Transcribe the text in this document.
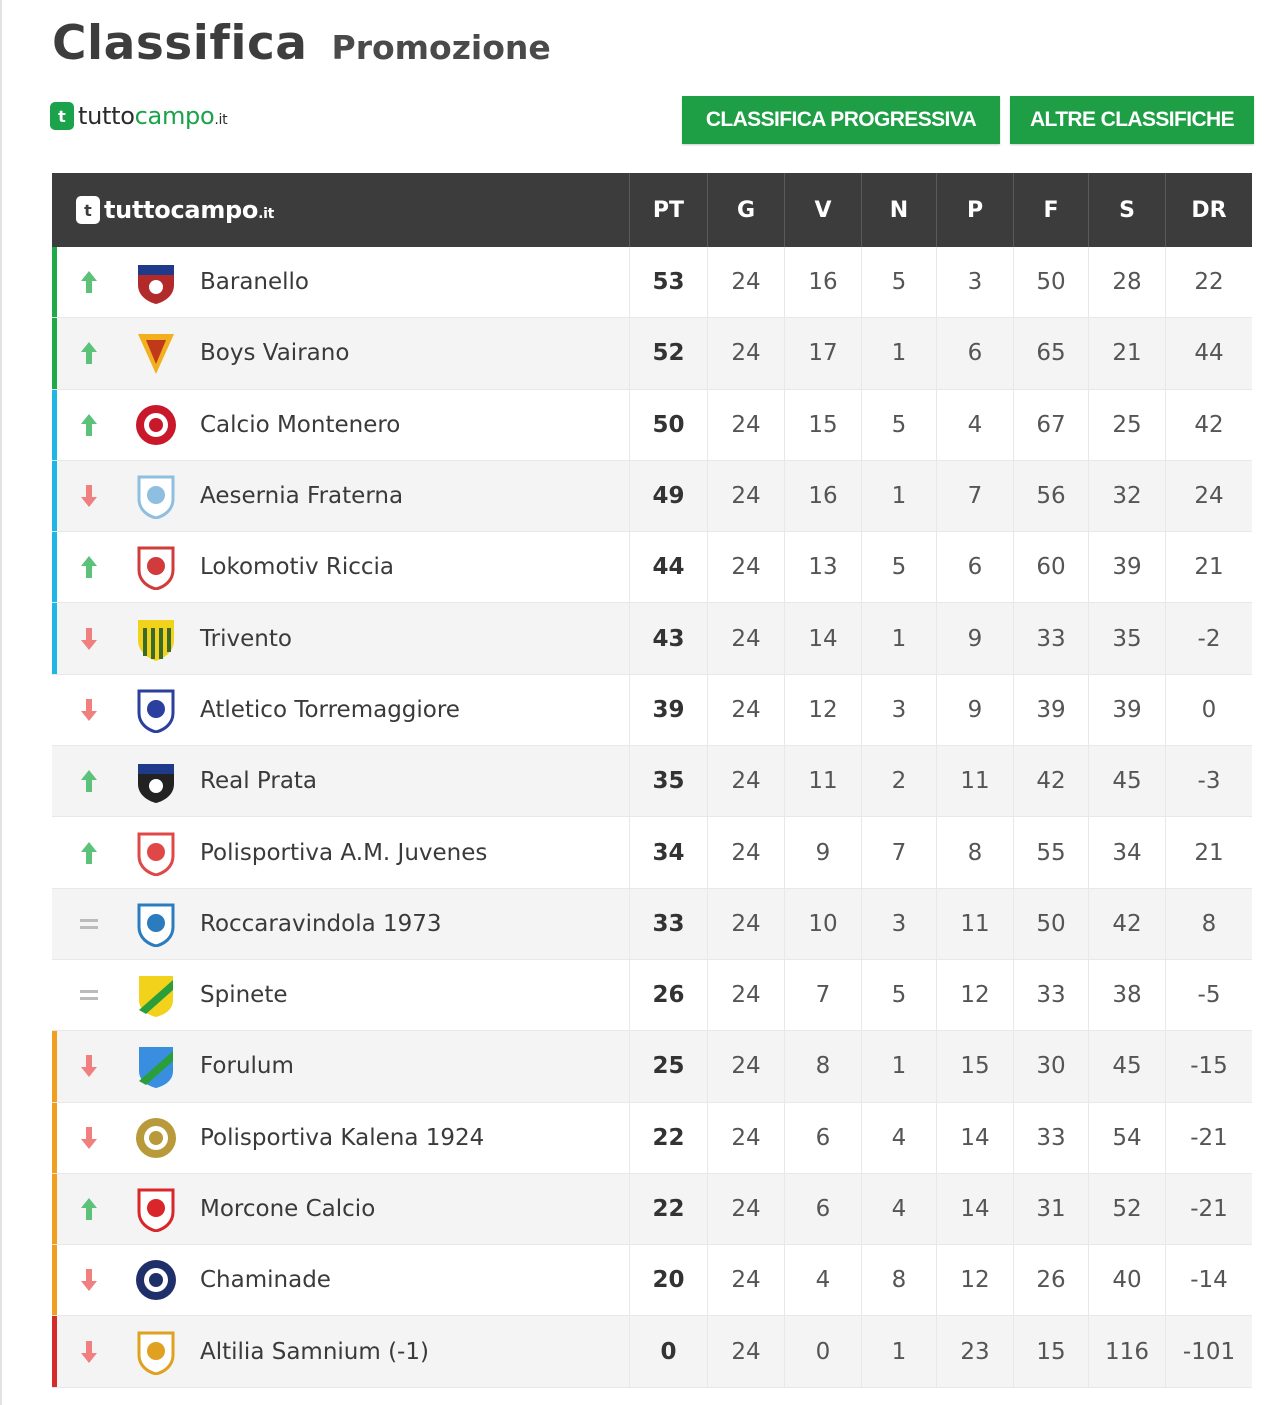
Classifica Promozione
t tuttocampo.it	CLASSIFICA PROGRESSIVA	ALTRE CLASSIFICHE
t tuttocampo.it	PT	G	V	N	P	F	S	DR
Baranello	53	24	16	5	3	50	28	22
Boys Vairano	52	24	17	1	6	65	21	44
Calcio Montenero	50	24	15	5	4	67	25	42
Aesernia Fraterna	49	24	16	1	7	56	32	24
Lokomotiv Riccia	44	24	13	5	6	60	39	21
Trivento	43	24	14	1	9	33	35	-2
Atletico Torremaggiore	39	24	12	3	9	39	39	0
Real Prata	35	24	11	2	11	42	45	-3
Polisportiva A.M. Juvenes	34	24	9	7	8	55	34	21
Roccaravindola 1973	33	24	10	3	11	50	42	8
Spinete	26	24	7	5	12	33	38	-5
Forulum	25	24	8	1	15	30	45	-15
Polisportiva Kalena 1924	22	24	6	4	14	33	54	-21
Morcone Calcio	22	24	6	4	14	31	52	-21
Chaminade	20	24	4	8	12	26	40	-14
Altilia Samnium (-1)	0	24	0	1	23	15	116	-101
